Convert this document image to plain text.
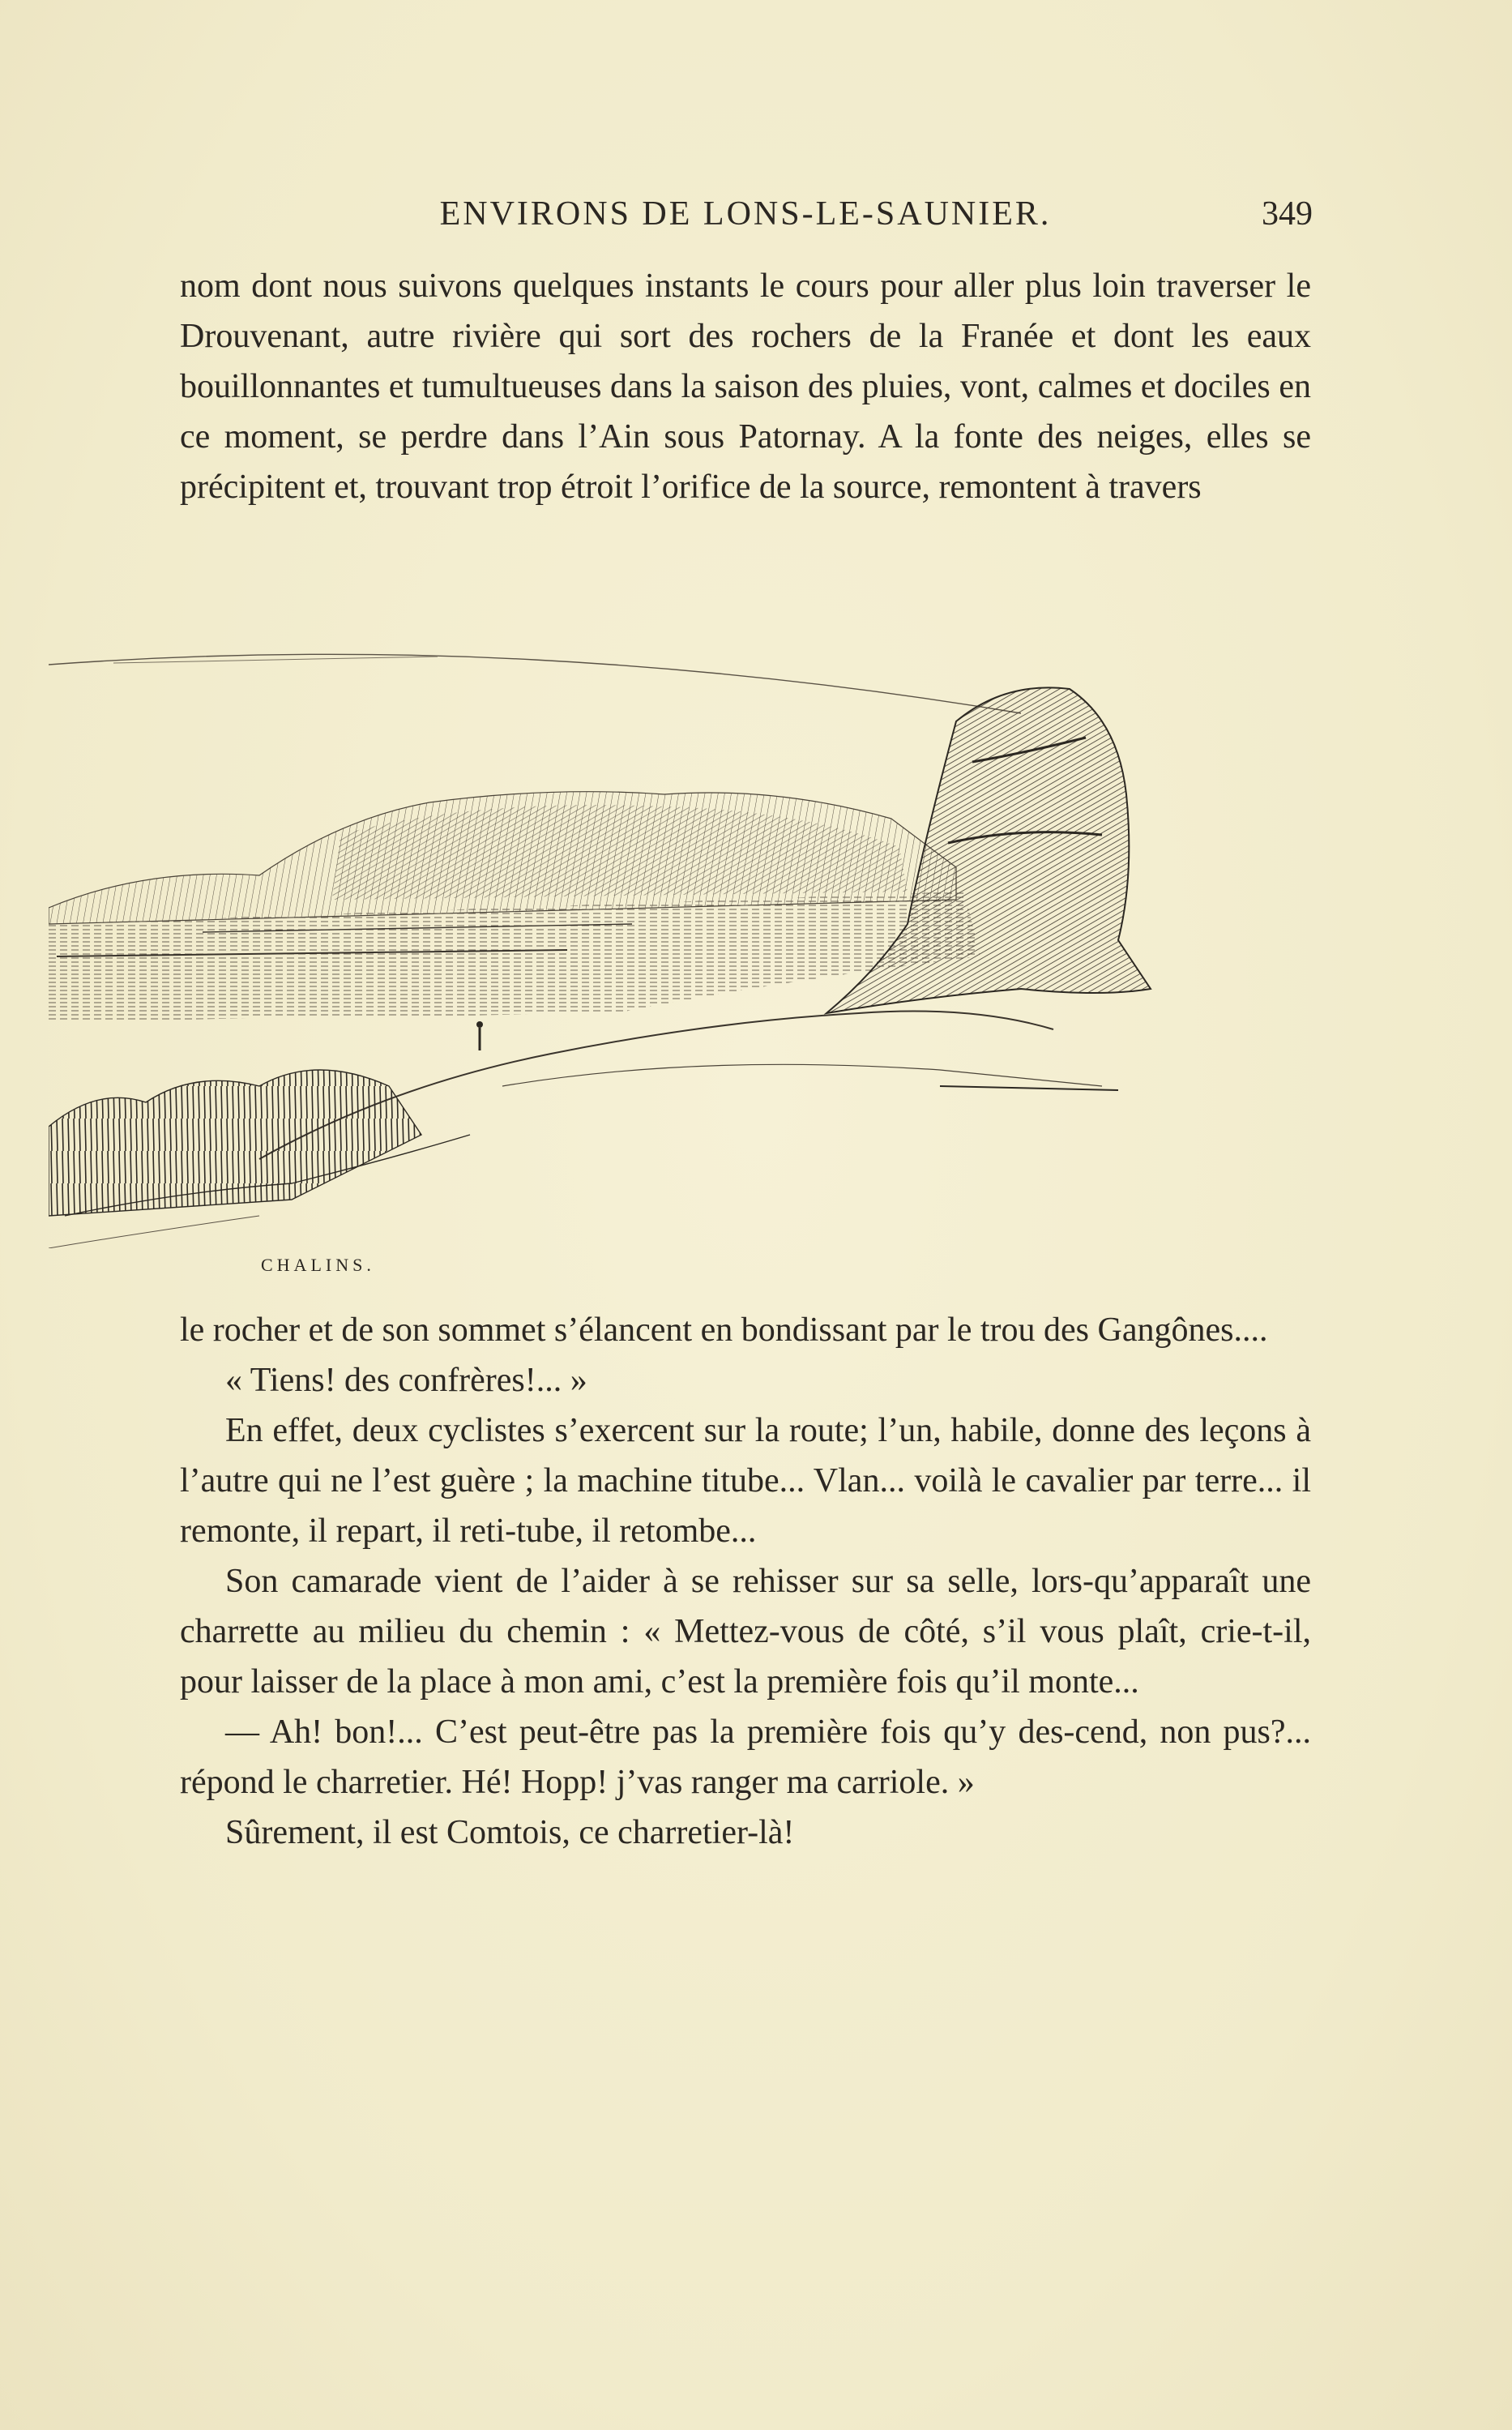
ENVIRONS DE LONS-LE-SAUNIER.	349

nom dont nous suivons quelques instants le cours pour aller plus loin traverser le Drouvenant, autre rivière qui sort des rochers de la Franée et dont les eaux bouillonnantes et tumultueuses dans la saison des pluies, vont, calmes et dociles en ce moment, se perdre dans l’Ain sous Patornay. A la fonte des neiges, elles se précipitent et, trouvant trop étroit l’orifice de la source, remontent à travers

CHALINS.

le rocher et de son sommet s’élancent en bondissant par le trou des Gangônes....

« Tiens! des confrères!... »

En effet, deux cyclistes s’exercent sur la route; l’un, habile, donne des leçons à l’autre qui ne l’est guère ; la machine titube... Vlan... voilà le cavalier par terre... il remonte, il repart, il reti-tube, il retombe...

Son camarade vient de l’aider à se rehisser sur sa selle, lors-qu’apparaît une charrette au milieu du chemin : « Mettez-vous de côté, s’il vous plaît, crie-t-il, pour laisser de la place à mon ami, c’est la première fois qu’il monte...

— Ah! bon!... C’est peut-être pas la première fois qu’y des-cend, non pus?... répond le charretier. Hé! Hopp! j’vas ranger ma carriole. »

Sûrement, il est Comtois, ce charretier-là!
